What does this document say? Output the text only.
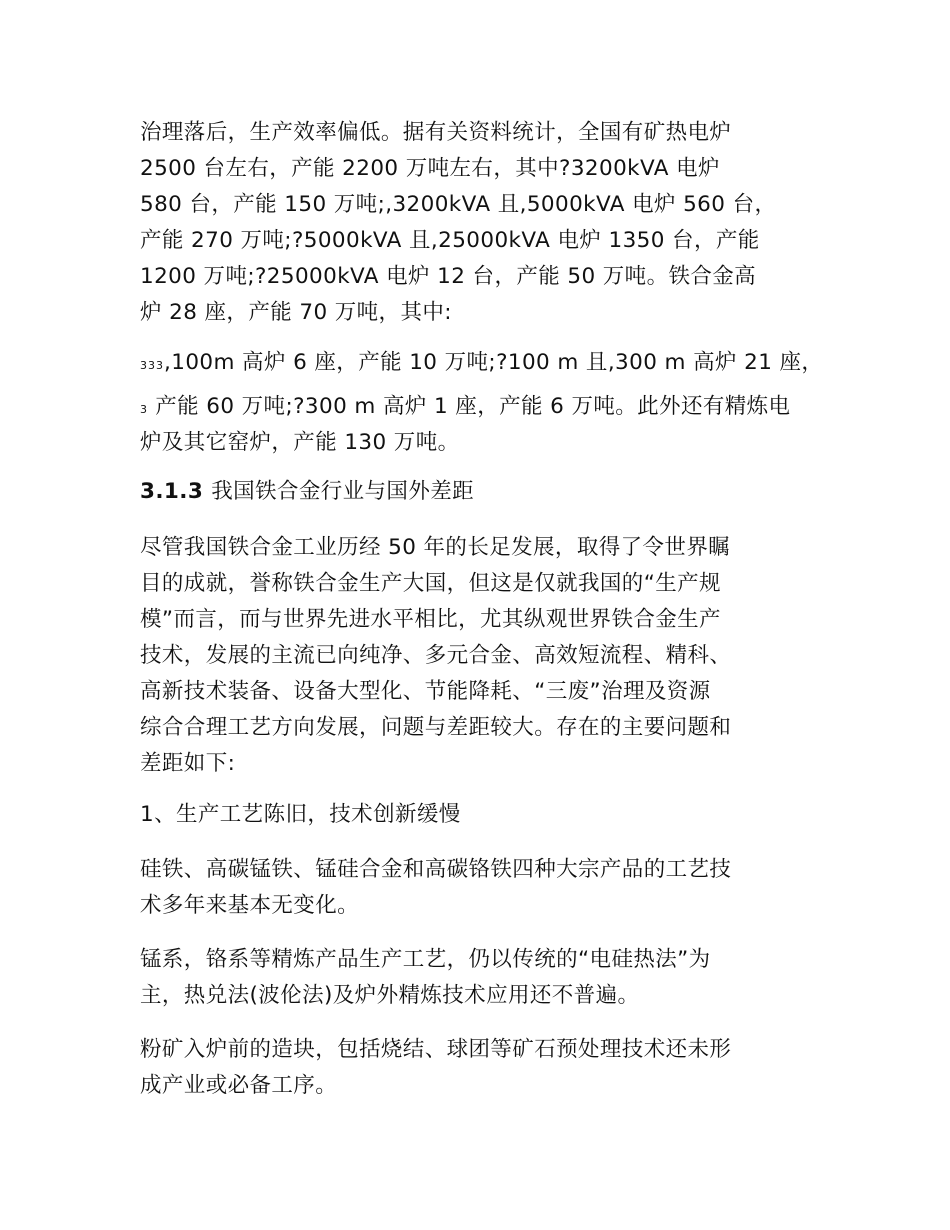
治理落后，生产效率偏低。据有关资料统计，全国有矿热电炉
2500 台左右，产能 2200 万吨左右，其中?3200kVA 电炉
580 台，产能 150 万吨;,3200kVA 且,5000kVA 电炉 560 台，
产能 270 万吨;?5000kVA 且,25000kVA 电炉 1350 台，产能
1200 万吨;?25000kVA 电炉 12 台，产能 50 万吨。铁合金高
炉 28 座，产能 70 万吨，其中:
333,100m 高炉 6 座，产能 10 万吨;?100 m 且,300 m 高炉 21 座，
3 产能 60 万吨;?300 m 高炉 1 座，产能 6 万吨。此外还有精炼电
炉及其它窑炉，产能 130 万吨。
3.1.3 我国铁合金行业与国外差距
尽管我国铁合金工业历经 50 年的长足发展，取得了令世界瞩
目的成就，誉称铁合金生产大国，但这是仅就我国的“生产规
模”而言，而与世界先进水平相比，尤其纵观世界铁合金生产
技术，发展的主流已向纯净、多元合金、高效短流程、精科、
高新技术装备、设备大型化、节能降耗、“三废”治理及资源
综合合理工艺方向发展，问题与差距较大。存在的主要问题和
差距如下:
1、生产工艺陈旧，技术创新缓慢
硅铁、高碳锰铁、锰硅合金和高碳铬铁四种大宗产品的工艺技
术多年来基本无变化。
锰系，铬系等精炼产品生产工艺，仍以传统的“电硅热法”为
主，热兑法(波伦法)及炉外精炼技术应用还不普遍。
粉矿入炉前的造块，包括烧结、球团等矿石预处理技术还未形
成产业或必备工序。
